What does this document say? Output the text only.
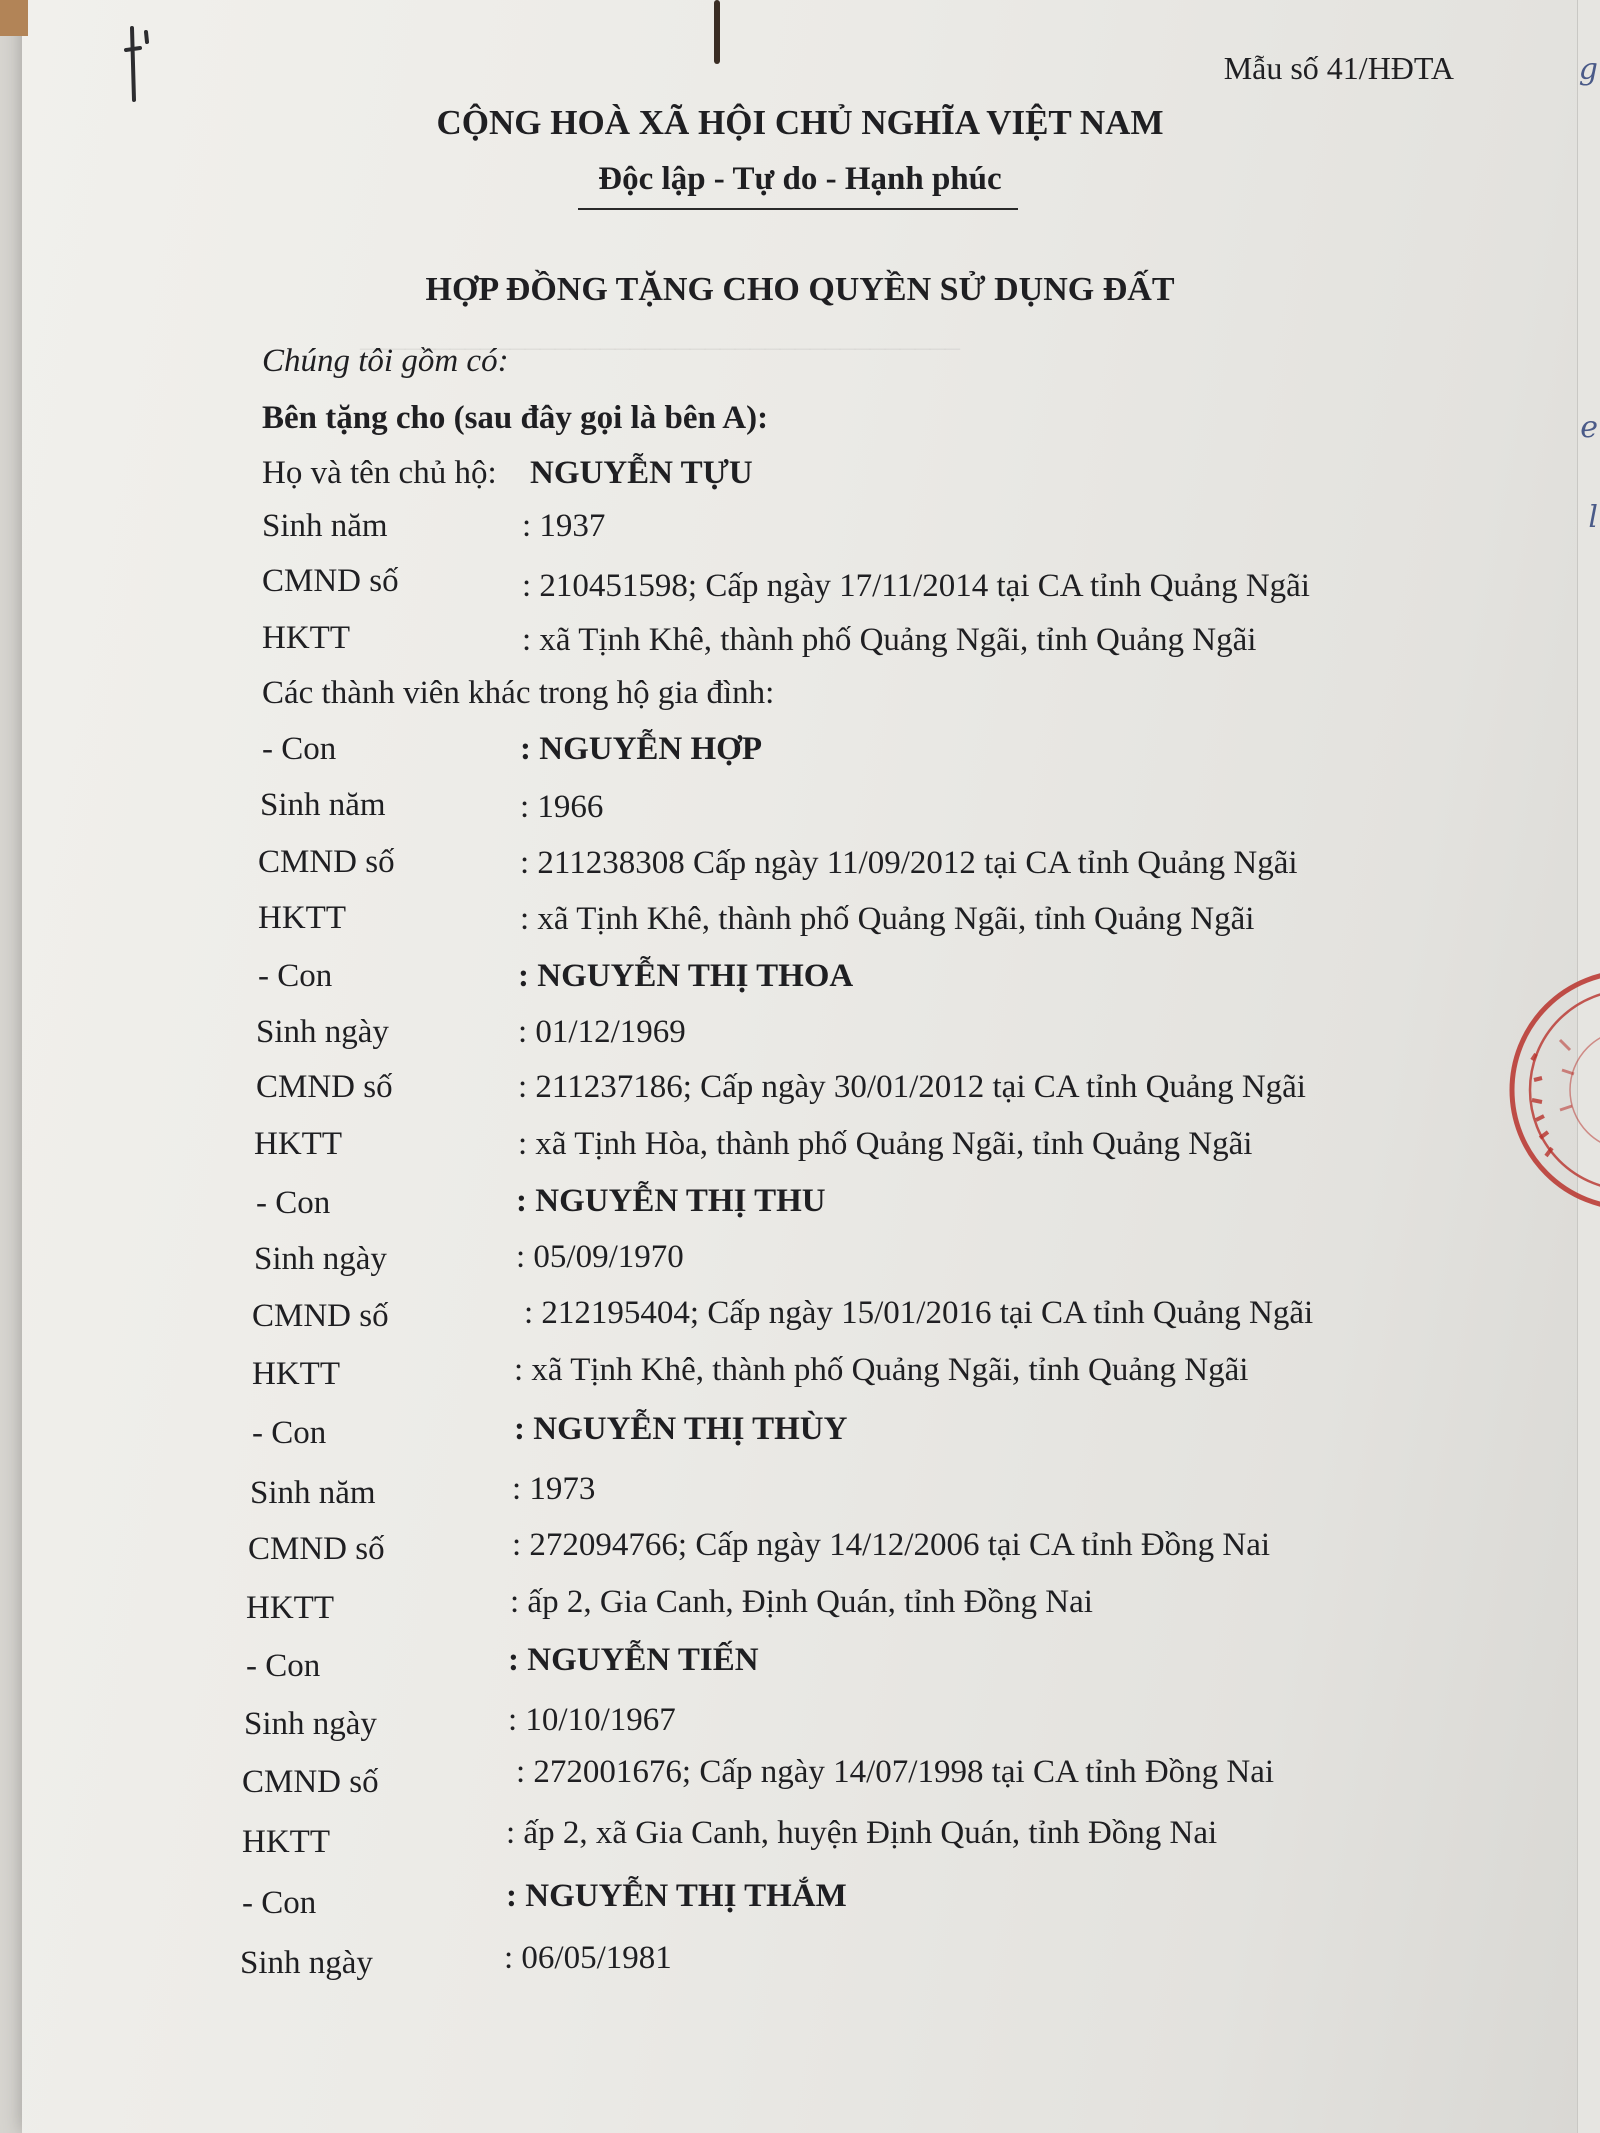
g
e
l
________________________________________
Mẫu số 41/HĐTA
CỘNG HOÀ XÃ HỘI CHỦ NGHĨA VIỆT NAM
Độc lập - Tự do - Hạnh phúc
HỢP ĐỒNG TẶNG CHO QUYỀN SỬ DỤNG ĐẤT
Chúng tôi gồm có:
Bên tặng cho (sau đây gọi là bên A):
Họ và tên chủ hộ: NGUYỄN TỰU
Sinh năm	: 1937
CMND số	: 210451598; Cấp ngày 17/11/2014 tại CA tỉnh Quảng Ngãi
HKTT	: xã Tịnh Khê, thành phố Quảng Ngãi, tỉnh Quảng Ngãi
Các thành viên khác trong hộ gia đình:
- Con	: NGUYỄN HỢP
Sinh năm	: 1966
CMND số	: 211238308 Cấp ngày 11/09/2012 tại CA tỉnh Quảng Ngãi
HKTT	: xã Tịnh Khê, thành phố Quảng Ngãi, tỉnh Quảng Ngãi
- Con	: NGUYỄN THỊ THOA
Sinh ngày	: 01/12/1969
CMND số	: 211237186; Cấp ngày 30/01/2012 tại CA tỉnh Quảng Ngãi
HKTT	: xã Tịnh Hòa, thành phố Quảng Ngãi, tỉnh Quảng Ngãi
- Con	: NGUYỄN THỊ THU
Sinh ngày	: 05/09/1970
CMND số	: 212195404; Cấp ngày 15/01/2016 tại CA tỉnh Quảng Ngãi
HKTT	: xã Tịnh Khê, thành phố Quảng Ngãi, tỉnh Quảng Ngãi
- Con	: NGUYỄN THỊ THÙY
Sinh năm	: 1973
CMND số	: 272094766; Cấp ngày 14/12/2006 tại CA tỉnh Đồng Nai
HKTT	: ấp 2, Gia Canh, Định Quán, tỉnh Đồng Nai
- Con	: NGUYỄN TIẾN
Sinh ngày	: 10/10/1967
CMND số	: 272001676; Cấp ngày 14/07/1998 tại CA tỉnh Đồng Nai
HKTT	: ấp 2, xã Gia Canh, huyện Định Quán, tỉnh Đồng Nai
- Con	: NGUYỄN THỊ THẮM
Sinh ngày	: 06/05/1981
